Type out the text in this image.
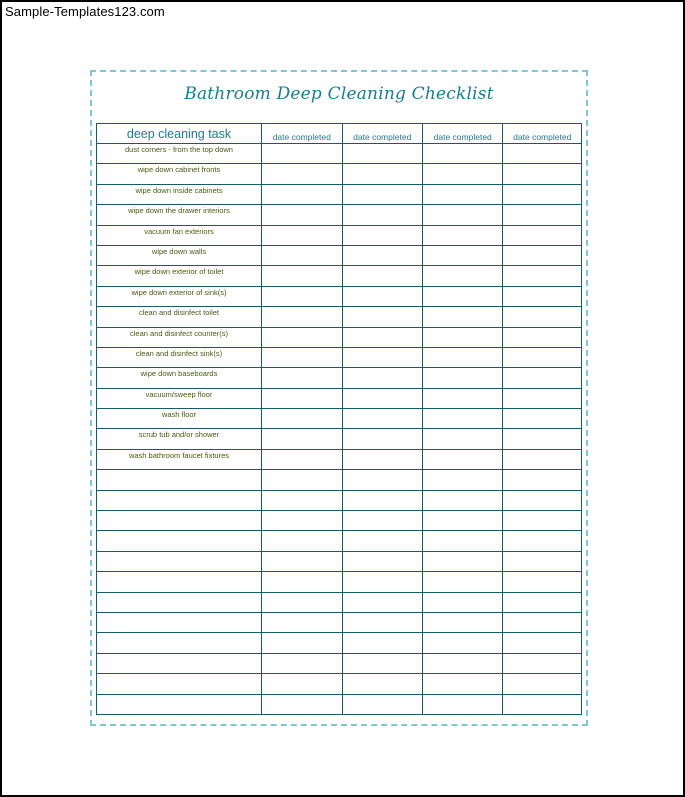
Sample-Templates123.com
Bathroom Deep Cleaning Checklist
deep cleaning task	date completed	date completed	date completed	date completed
dust corners - from the top down				
wipe down cabinet fronts				
wipe down inside cabinets				
wipe down the drawer interiors				
vacuum fan exteriors				
wipe down walls				
wipe down exterior of toilet				
wipe down exterior of sink(s)				
clean and disinfect toilet				
clean and disinfect counter(s)				
clean and disinfect sink(s)				
wipe down baseboards				
vacuum/sweep floor				
wash floor				
scrub tub and/or shower				
wash bathroom faucet fixtures				
